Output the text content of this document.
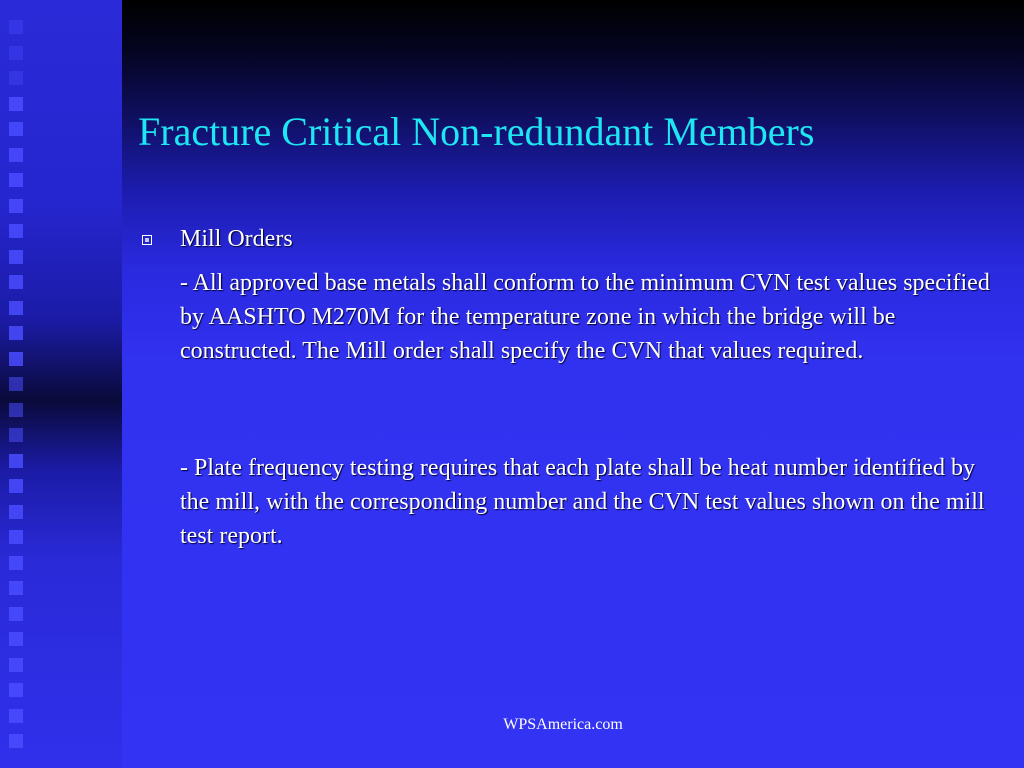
Fracture Critical Non-redundant Members
Mill Orders

- All approved base metals shall conform to the minimum CVN test values specified by AASHTO M270M for the temperature zone in which the bridge will be constructed. The Mill order shall specify the CVN that values required.

- Plate frequency testing requires that each plate shall be heat number identified by the mill, with the corresponding number and the CVN test values shown on the mill test report.

WPSAmerica.com
